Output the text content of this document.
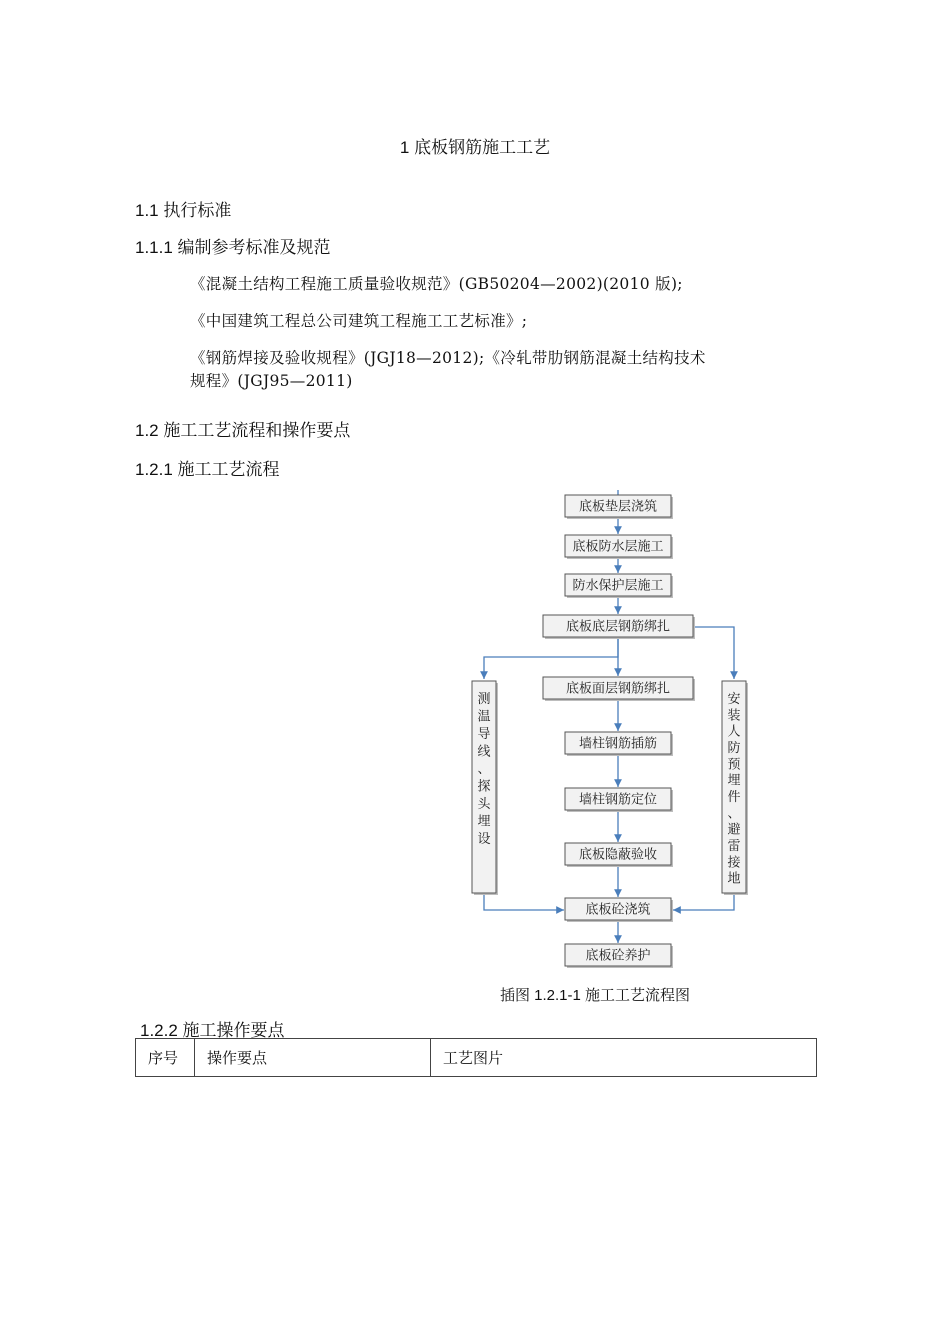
1 底板钢筋施工工艺
1.1 执行标准
1.1.1 编制参考标准及规范
《混凝土结构工程施工质量验收规范》(GB50204—2002)(2010 版);
《中国建筑工程总公司建筑工程施工工艺标准》;
《钢筋焊接及验收规程》(JGJ18—2012);《冷轧带肋钢筋混凝土结构技术
规程》(JGJ95—2011)
1.2 施工工艺流程和操作要点
1.2.1 施工工艺流程
底板垫层浇筑
底板防水层施工
防水保护层施工
底板底层钢筋绑扎
底板面层钢筋绑扎
墙柱钢筋插筋
墙柱钢筋定位
底板隐蔽验收
底板砼浇筑
底板砼养护
测
温
导
线
、
探
头
埋
设
安
装
人
防
预
埋
件
、
避
雷
接
地
插图 1.2.1-1 施工工艺流程图
1.2.2 施工操作要点
序号	操作要点	工艺图片
